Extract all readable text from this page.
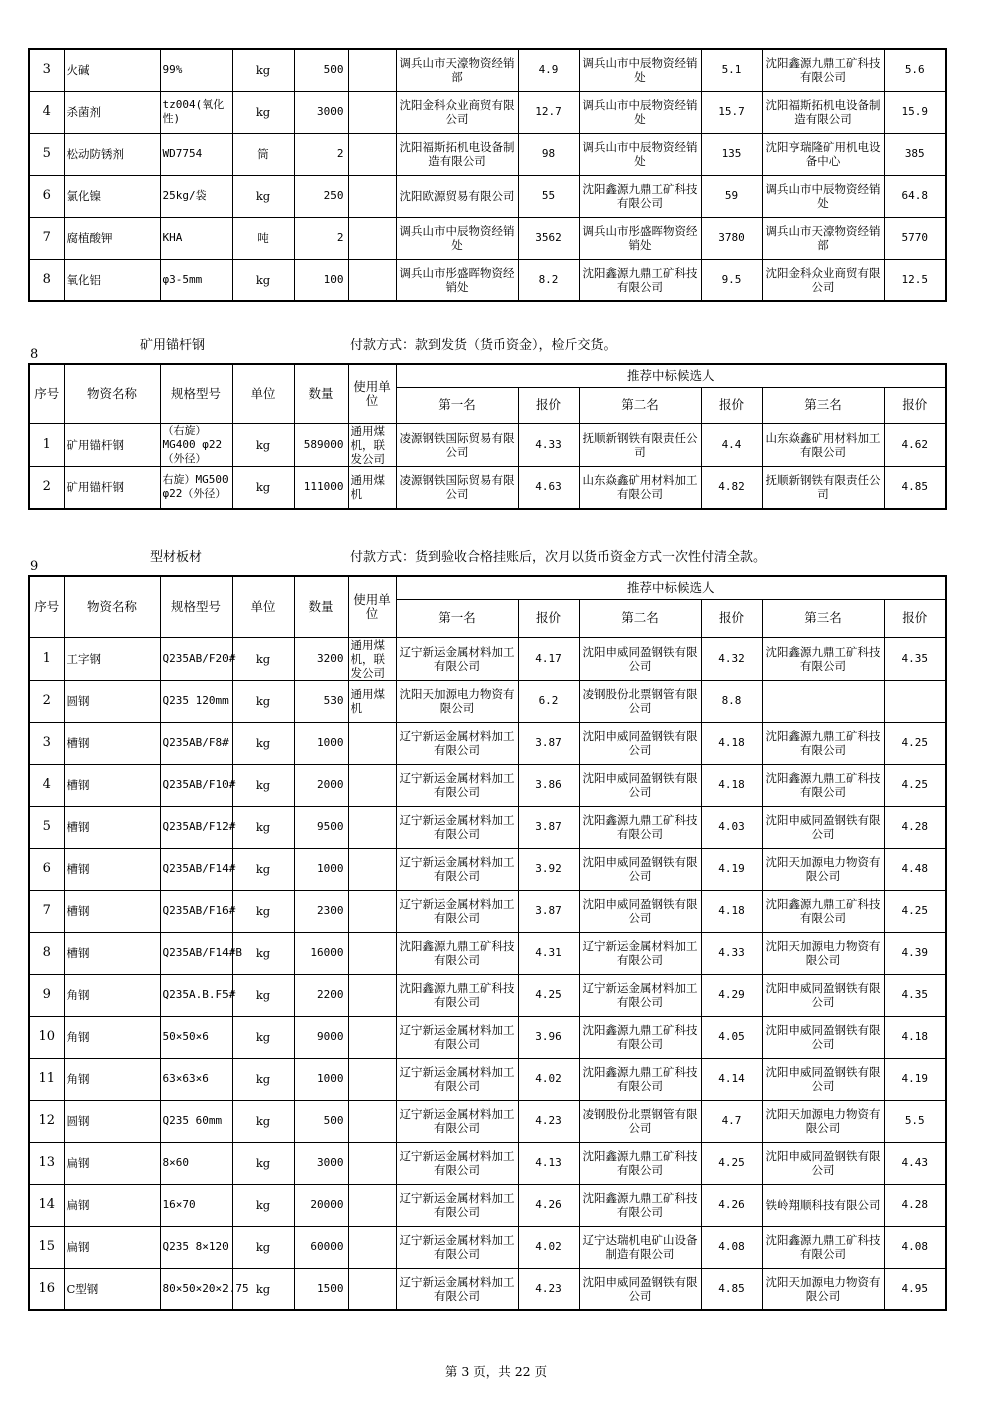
3	火碱	99%	kg	500		调兵山市天濠物资经销部	4.9	调兵山市中辰物资经销处	5.1	沈阳鑫源九鼎工矿科技有限公司	5.6
4	杀菌剂	tz004(氧化性)	kg	3000		沈阳金科众业商贸有限公司	12.7	调兵山市中辰物资经销处	15.7	沈阳福斯拓机电设备制造有限公司	15.9
5	松动防锈剂	WD7754	筒	2		沈阳福斯拓机电设备制造有限公司	98	调兵山市中辰物资经销处	135	沈阳亨瑞隆矿用机电设备中心	385
6	氯化镍	25kg/袋	kg	250		沈阳欧源贸易有限公司	55	沈阳鑫源九鼎工矿科技有限公司	59	调兵山市中辰物资经销处	64.8
7	腐植酸钾	KHA	吨	2		调兵山市中辰物资经销处	3562	调兵山市彤盛晖物资经销处	3780	调兵山市天濠物资经销部	5770
8	氧化铝	φ3-5mm	kg	100		调兵山市彤盛晖物资经销处	8.2	沈阳鑫源九鼎工矿科技有限公司	9.5	沈阳金科众业商贸有限公司	12.5
8
矿用锚杆钢	付款方式：款到发货（货币资金），检斤交货。
序号	物资名称	规格型号	单位	数量	使用单位	推荐中标候选人					
						第一名	报价	第二名	报价	第三名	报价
1	矿用锚杆钢	（右旋）MG400 φ22（外径）	kg	589000	通用煤机，联发公司	凌源钢铁国际贸易有限公司	4.33	抚顺新钢铁有限责任公司	4.4	山东焱鑫矿用材料加工有限公司	4.62
2	矿用锚杆钢	右旋）MG500 φ22（外径）	kg	111000	通用煤机	凌源钢铁国际贸易有限公司	4.63	山东焱鑫矿用材料加工有限公司	4.82	抚顺新钢铁有限责任公司	4.85
9
型材板材	付款方式：货到验收合格挂账后，次月以货币资金方式一次性付清全款。
序号	物资名称	规格型号	单位	数量	使用单位	推荐中标候选人					
						第一名	报价	第二名	报价	第三名	报价
1	工字钢	Q235AB/F20#	kg	3200	通用煤机，联发公司	辽宁新运金属材料加工有限公司	4.17	沈阳申威同盈钢铁有限公司	4.32	沈阳鑫源九鼎工矿科技有限公司	4.35
2	圆钢	Q235 120mm	kg	530	通用煤机	沈阳天加源电力物资有限公司	6.2	凌钢股份北票钢管有限公司	8.8		
3	槽钢	Q235AB/F8#	kg	1000		辽宁新运金属材料加工有限公司	3.87	沈阳申威同盈钢铁有限公司	4.18	沈阳鑫源九鼎工矿科技有限公司	4.25
4	槽钢	Q235AB/F10#	kg	2000		辽宁新运金属材料加工有限公司	3.86	沈阳申威同盈钢铁有限公司	4.18	沈阳鑫源九鼎工矿科技有限公司	4.25
5	槽钢	Q235AB/F12#	kg	9500		辽宁新运金属材料加工有限公司	3.87	沈阳鑫源九鼎工矿科技有限公司	4.03	沈阳申威同盈钢铁有限公司	4.28
6	槽钢	Q235AB/F14#	kg	1000		辽宁新运金属材料加工有限公司	3.92	沈阳申威同盈钢铁有限公司	4.19	沈阳天加源电力物资有限公司	4.48
7	槽钢	Q235AB/F16#	kg	2300		辽宁新运金属材料加工有限公司	3.87	沈阳申威同盈钢铁有限公司	4.18	沈阳鑫源九鼎工矿科技有限公司	4.25
8	槽钢	Q235AB/F14#B	kg	16000		沈阳鑫源九鼎工矿科技有限公司	4.31	辽宁新运金属材料加工有限公司	4.33	沈阳天加源电力物资有限公司	4.39
9	角钢	Q235A.B.F5#	kg	2200		沈阳鑫源九鼎工矿科技有限公司	4.25	辽宁新运金属材料加工有限公司	4.29	沈阳申威同盈钢铁有限公司	4.35
10	角钢	50×50×6	kg	9000		辽宁新运金属材料加工有限公司	3.96	沈阳鑫源九鼎工矿科技有限公司	4.05	沈阳申威同盈钢铁有限公司	4.18
11	角钢	63×63×6	kg	1000		辽宁新运金属材料加工有限公司	4.02	沈阳鑫源九鼎工矿科技有限公司	4.14	沈阳申威同盈钢铁有限公司	4.19
12	圆钢	Q235 60mm	kg	500		辽宁新运金属材料加工有限公司	4.23	凌钢股份北票钢管有限公司	4.7	沈阳天加源电力物资有限公司	5.5
13	扁钢	8×60	kg	3000		辽宁新运金属材料加工有限公司	4.13	沈阳鑫源九鼎工矿科技有限公司	4.25	沈阳申威同盈钢铁有限公司	4.43
14	扁钢	16×70	kg	20000		辽宁新运金属材料加工有限公司	4.26	沈阳鑫源九鼎工矿科技有限公司	4.26	铁岭翔顺科技有限公司	4.28
15	扁钢	Q235 8×120	kg	60000		辽宁新运金属材料加工有限公司	4.02	辽宁达瑞机电矿山设备制造有限公司	4.08	沈阳鑫源九鼎工矿科技有限公司	4.08
16	C型钢	80×50×20×2.75	kg	1500		辽宁新运金属材料加工有限公司	4.23	沈阳申威同盈钢铁有限公司	4.85	沈阳天加源电力物资有限公司	4.95
第 3 页，共 22 页
